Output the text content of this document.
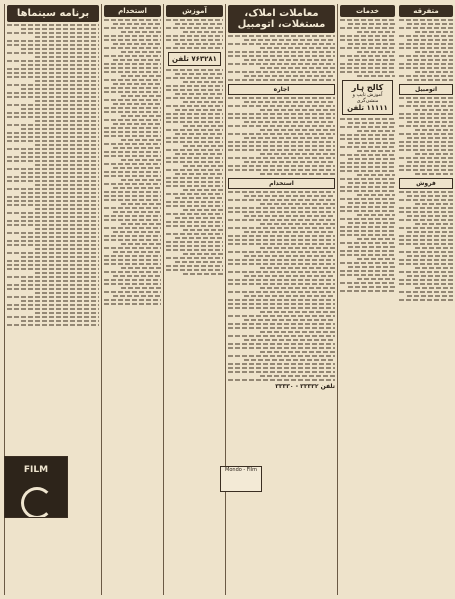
متفرقه
اتومبیل
فروش
خدمات
کالج ہار
آموزش تایپ و منشی‌گری
۱۱۱۱۱ تلفن
معاملات املاک، مستغلات، اتومبیل
اجاره
استخدام
تلفن ۳۳۳۳۲ - ۳۳۳۳۰
آموزش
۷۶۳۲۸۱ تلفن
استخدام
برنامه سینماها
FILM	Mondo - Film
